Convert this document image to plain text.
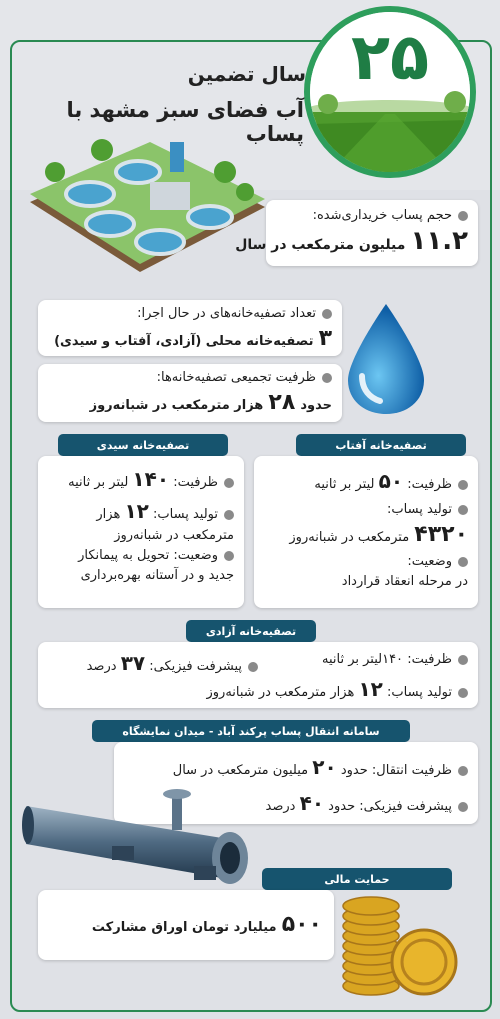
۲۵
سال تضمین
آب فضای سبز مشهد با پساب
حجم پساب خریداری‌شده:
۱۱.۲ میلیون مترمکعب در سال
تعداد تصفیه‌خانه‌های در حال اجرا:
۳ تصفیه‌خانه محلی (آزادی، آفتاب و سیدی)
ظرفیت تجمیعی تصفیه‌خانه‌ها:
حدود ۲۸ هزار مترمکعب در شبانه‌روز
تصفیه‌خانه آفتاب
ظرفیت: ۵۰ لیتر بر ثانیه
تولید پساب:
۴۳۲۰ مترمکعب در شبانه‌روز
وضعیت:
در مرحله انعقاد قرارداد
تصفیه‌خانه سیدی
ظرفیت: ۱۴۰ لیتر بر ثانیه
تولید پساب: ۱۲ هزار
مترمکعب در شبانه‌روز
وضعیت: تحویل به پیمانکار
جدید و در آستانه بهره‌برداری
تصفیه‌خانه آزادی
ظرفیت: ۱۴۰لیتر بر ثانیه
پیشرفت فیزیکی: ۳۷ درصد
تولید پساب: ۱۲ هزار مترمکعب در شبانه‌روز
سامانه انتقال پساب پرکند آباد - میدان نمایشگاه
ظرفیت انتقال: حدود ۲۰ میلیون مترمکعب در سال
پیشرفت فیزیکی: حدود ۴۰ درصد
حمایت مالی
۵۰۰ میلیارد تومان اوراق مشارکت
